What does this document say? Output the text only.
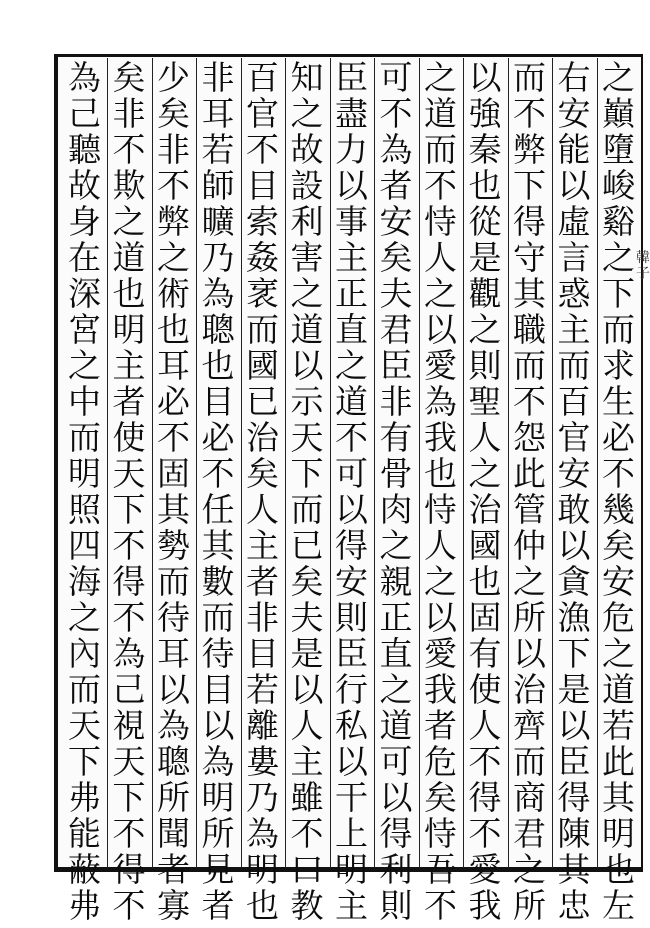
之
巔
墮
峻
谿
之
下
而
求
生
必
不
幾
矣
安
危
之
道
若
此
其
明
也
左
右
安
能
以
虛
言
惑
主
而
百
官
安
敢
以
貪
漁
下
是
以
臣
得
陳
其
忠
而
不
弊
下
得
守
其
職
而
不
怨
此
管
仲
之
所
以
治
齊
而
商
君
之
所
以
強
秦
也
從
是
觀
之
則
聖
人
之
治
國
也
固
有
使
人
不
得
不
愛
我
之
道
而
不
恃
人
之
以
愛
為
我
也
恃
人
之
以
愛
我
者
危
矣
恃
吾
不
可
不
為
者
安
矣
夫
君
臣
非
有
骨
肉
之
親
正
直
之
道
可
以
得
利
則
臣
盡
力
以
事
主
正
直
之
道
不
可
以
得
安
則
臣
行
私
以
干
上
明
主
知
之
故
設
利
害
之
道
以
示
天
下
而
已
矣
夫
是
以
人
主
雖
不
口
教
百
官
不
目
索
姦
衺
而
國
已
治
矣
人
主
者
非
目
若
離
婁
乃
為
明
也
非
耳
若
師
曠
乃
為
聰
也
目
必
不
任
其
數
而
待
目
以
為
明
所
見
者
少
矣
非
不
弊
之
術
也
耳
必
不
固
其
勢
而
待
耳
以
為
聰
所
聞
者
寡
矣
非
不
欺
之
道
也
明
主
者
使
天
下
不
得
不
為
己
視
天
下
不
得
不
為
己
聽
故
身
在
深
宮
之
中
而
明
照
四
海
之
內
而
天
下
弗
能
蔽
弗
韓子
